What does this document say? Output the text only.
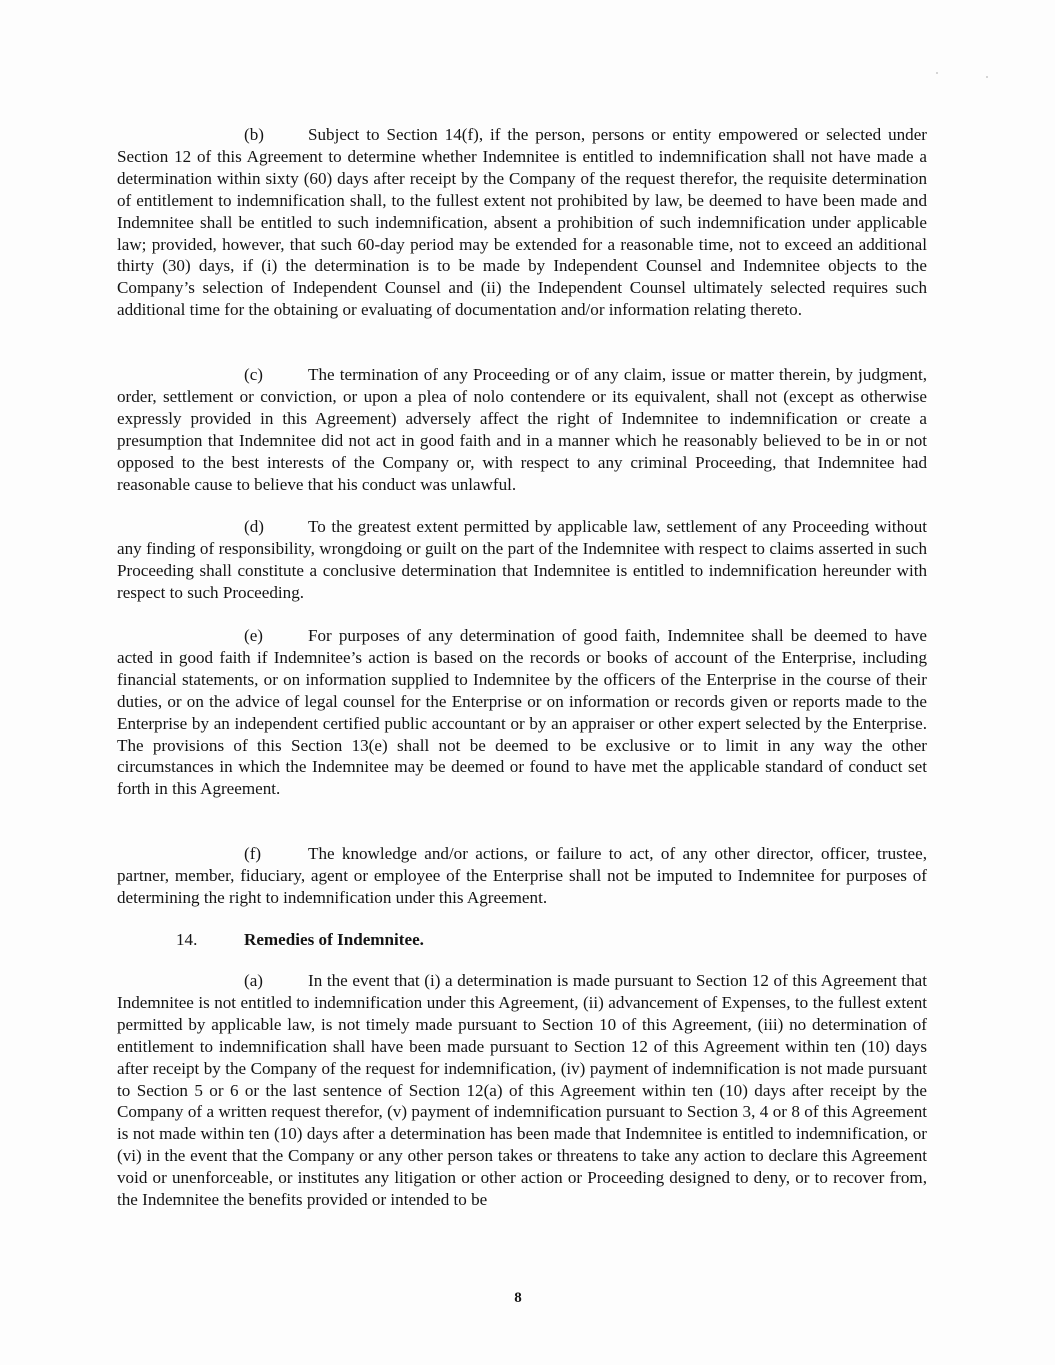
(b)	Subject to Section 14(f), if the person, persons or entity empowered or selected under Section 12 of this Agreement to determine whether Indemnitee is entitled to indemnification shall not have made a determination within sixty (60) days after receipt by the Company of the request therefor, the requisite determination of entitlement to indemnification shall, to the fullest extent not prohibited by law, be deemed to have been made and Indemnitee shall be entitled to such indemnification, absent a prohibition of such indemnification under applicable law; provided, however, that such 60-day period may be extended for a reasonable time, not to exceed an additional thirty (30) days, if (i) the determination is to be made by Independent Counsel and Indemnitee objects to the Company’s selection of Independent Counsel and (ii) the Independent Counsel ultimately selected requires such additional time for the obtaining or evaluating of documentation and/or information relating thereto.

(c)	The termination of any Proceeding or of any claim, issue or matter therein, by judgment, order, settlement or conviction, or upon a plea of nolo contendere or its equivalent, shall not (except as otherwise expressly provided in this Agreement) adversely affect the right of Indemnitee to indemnification or create a presumption that Indemnitee did not act in good faith and in a manner which he reasonably believed to be in or not opposed to the best interests of the Company or, with respect to any criminal Proceeding, that Indemnitee had reasonable cause to believe that his conduct was unlawful.

(d)	To the greatest extent permitted by applicable law, settlement of any Proceeding without any finding of responsibility, wrongdoing or guilt on the part of the Indemnitee with respect to claims asserted in such Proceeding shall constitute a conclusive determination that Indemnitee is entitled to indemnification hereunder with respect to such Proceeding.

(e)	For purposes of any determination of good faith, Indemnitee shall be deemed to have acted in good faith if Indemnitee’s action is based on the records or books of account of the Enterprise, including financial statements, or on information supplied to Indemnitee by the officers of the Enterprise in the course of their duties, or on the advice of legal counsel for the Enterprise or on information or records given or reports made to the Enterprise by an independent certified public accountant or by an appraiser or other expert selected by the Enterprise. The provisions of this Section 13(e) shall not be deemed to be exclusive or to limit in any way the other circumstances in which the Indemnitee may be deemed or found to have met the applicable standard of conduct set forth in this Agreement.

(f)	The knowledge and/or actions, or failure to act, of any other director, officer, trustee, partner, member, fiduciary, agent or employee of the Enterprise shall not be imputed to Indemnitee for purposes of determining the right to indemnification under this Agreement.

14.	Remedies of Indemnitee.

(a)	In the event that (i) a determination is made pursuant to Section 12 of this Agreement that Indemnitee is not entitled to indemnification under this Agreement, (ii) advancement of Expenses, to the fullest extent permitted by applicable law, is not timely made pursuant to Section 10 of this Agreement, (iii) no determination of entitlement to indemnification shall have been made pursuant to Section 12 of this Agreement within ten (10) days after receipt by the Company of the request for indemnification, (iv) payment of indemnification is not made pursuant to Section 5 or 6 or the last sentence of Section 12(a) of this Agreement within ten (10) days after receipt by the Company of a written request therefor, (v) payment of indemnification pursuant to Section 3, 4 or 8 of this Agreement is not made within ten (10) days after a determination has been made that Indemnitee is entitled to indemnification, or (vi) in the event that the Company or any other person takes or threatens to take any action to declare this Agreement void or unenforceable, or institutes any litigation or other action or Proceeding designed to deny, or to recover from, the Indemnitee the benefits provided or intended to be

8
